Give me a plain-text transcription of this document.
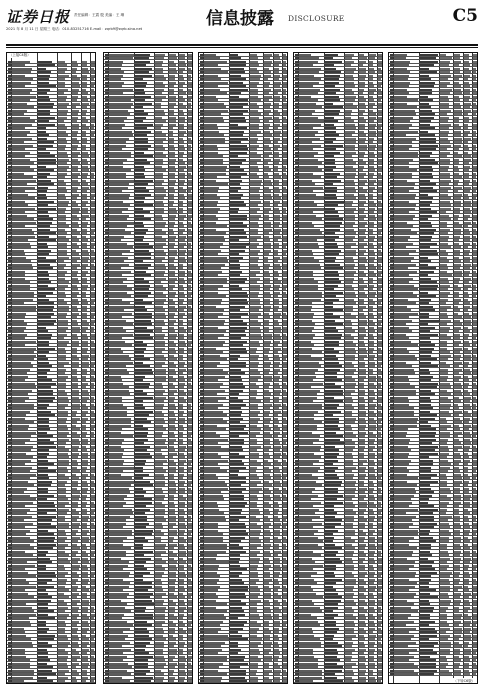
证券日报 责任编辑：王震 殷 美编：王 琳
2021 年 8 月 11 日 星期三 电话：010-83251716 E-mail：zqrb9@zqrb.sina.net	信息披露 DISCLOSURE	C5
（上接C4版）
（下转C6版）
